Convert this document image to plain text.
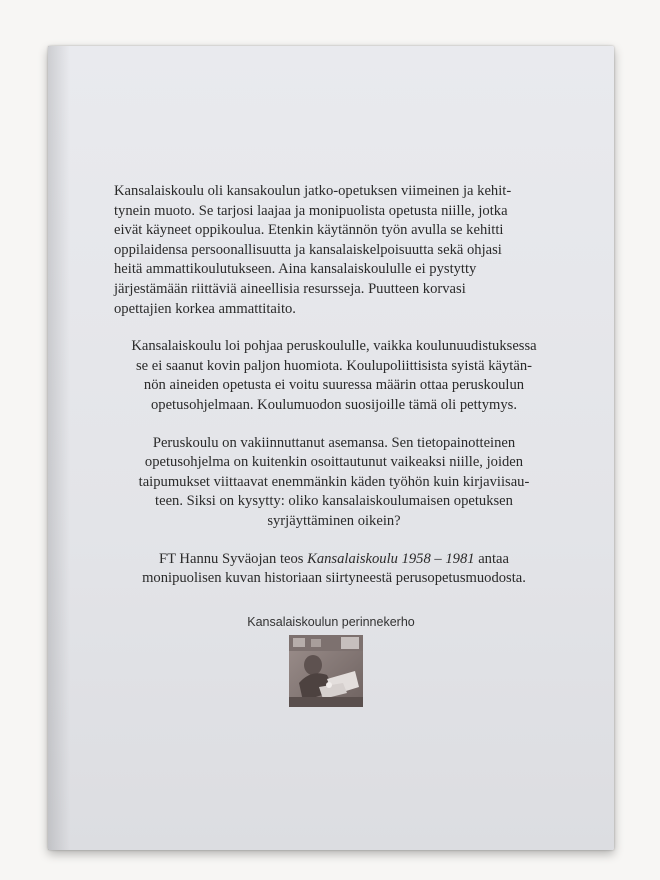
Kansalaiskoulu oli kansakoulun jatko-opetuksen viimeinen ja kehit-
tynein muoto. Se tarjosi laajaa ja monipuolista opetusta niille, jotka
eivät käyneet oppikoulua. Etenkin käytännön työn avulla se kehitti
oppilaidensa persoonallisuutta ja kansalaiskelpoisuutta sekä ohjasi
heitä ammattikoulutukseen. Aina kansalaiskoululle ei pystytty
järjestämään riittäviä aineellisia resursseja. Puutteen korvasi
opettajien korkea ammattitaito.

Kansalaiskoulu loi pohjaa peruskoululle, vaikka koulunuudistuksessa
se ei saanut kovin paljon huomiota. Koulupoliittisista syistä käytän-
nön aineiden opetusta ei voitu suuressa määrin ottaa peruskoulun
opetusohjelmaan. Koulumuodon suosijoille tämä oli pettymys.

Peruskoulu on vakiinnuttanut asemansa. Sen tietopainotteinen
opetusohjelma on kuitenkin osoittautunut vaikeaksi niille, joiden
taipumukset viittaavat enemmänkin käden työhön kuin kirjaviisau-
teen. Siksi on kysytty: oliko kansalaiskoulumaisen opetuksen
syrjäyttäminen oikein?

FT Hannu Syväojan teos Kansalaiskoulu 1958 – 1981 antaa
monipuolisen kuvan historiaan siirtyneestä perusopetusmuodosta.

Kansalaiskoulun perinnekerho
